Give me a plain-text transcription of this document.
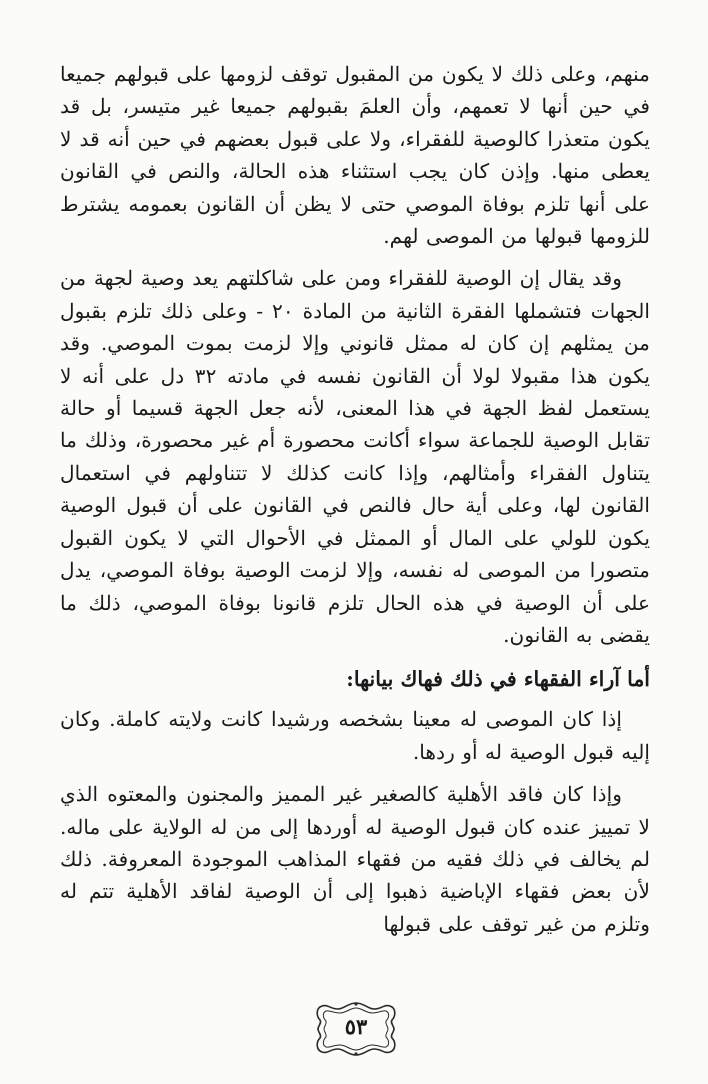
منهم، وعلى ذلك لا يكون من المقبول توقف لزومها على قبولهم جميعا في حين أنها لا تعمهم، وأن العلمَ بقبولهم جميعا غير متيسر، بل قد يكون متعذرا كالوصية للفقراء، ولا على قبول بعضهم في حين أنه قد لا يعطى منها. وإذن كان يجب استثناء هذه الحالة، والنص في القانون على أنها تلزم بوفاة الموصي حتى لا يظن أن القانون بعمومه يشترط للزومها قبولها من الموصى لهم.

وقد يقال إن الوصية للفقراء ومن على شاكلتهم يعد وصية لجهة من الجهات فتشملها الفقرة الثانية من المادة ٢٠ - وعلى ذلك تلزم بقبول من يمثلهم إن كان له ممثل قانوني وإلا لزمت بموت الموصي. وقد يكون هذا مقبولا لولا أن القانون نفسه في مادته ٣٢ دل على أنه لا يستعمل لفظ الجهة في هذا المعنى، لأنه جعل الجهة قسيما أو حالة تقابل الوصية للجماعة سواء أكانت محصورة أم غير محصورة، وذلك ما يتناول الفقراء وأمثالهم، وإذا كانت كذلك لا تتناولهم في استعمال القانون لها، وعلى أية حال فالنص في القانون على أن قبول الوصية يكون للولي على المال أو الممثل في الأحوال التي لا يكون القبول متصورا من الموصى له نفسه، وإلا لزمت الوصية بوفاة الموصي، يدل على أن الوصية في هذه الحال تلزم قانونا بوفاة الموصي، ذلك ما يقضى به القانون.

أما آراء الفقهاء في ذلك فهاك بيانها:

إذا كان الموصى له معينا بشخصه ورشيدا كانت ولايته كاملة. وكان إليه قبول الوصية له أو ردها.

وإذا كان فاقد الأهلية كالصغير غير المميز والمجنون والمعتوه الذي لا تمييز عنده كان قبول الوصية له أوردها إلى من له الولاية على ماله. لم يخالف في ذلك فقيه من فقهاء المذاهب الموجودة المعروفة. ذلك لأن بعض فقهاء الإباضية ذهبوا إلى أن الوصية لفاقد الأهلية تتم له وتلزم من غير توقف على قبولها

٥٣
